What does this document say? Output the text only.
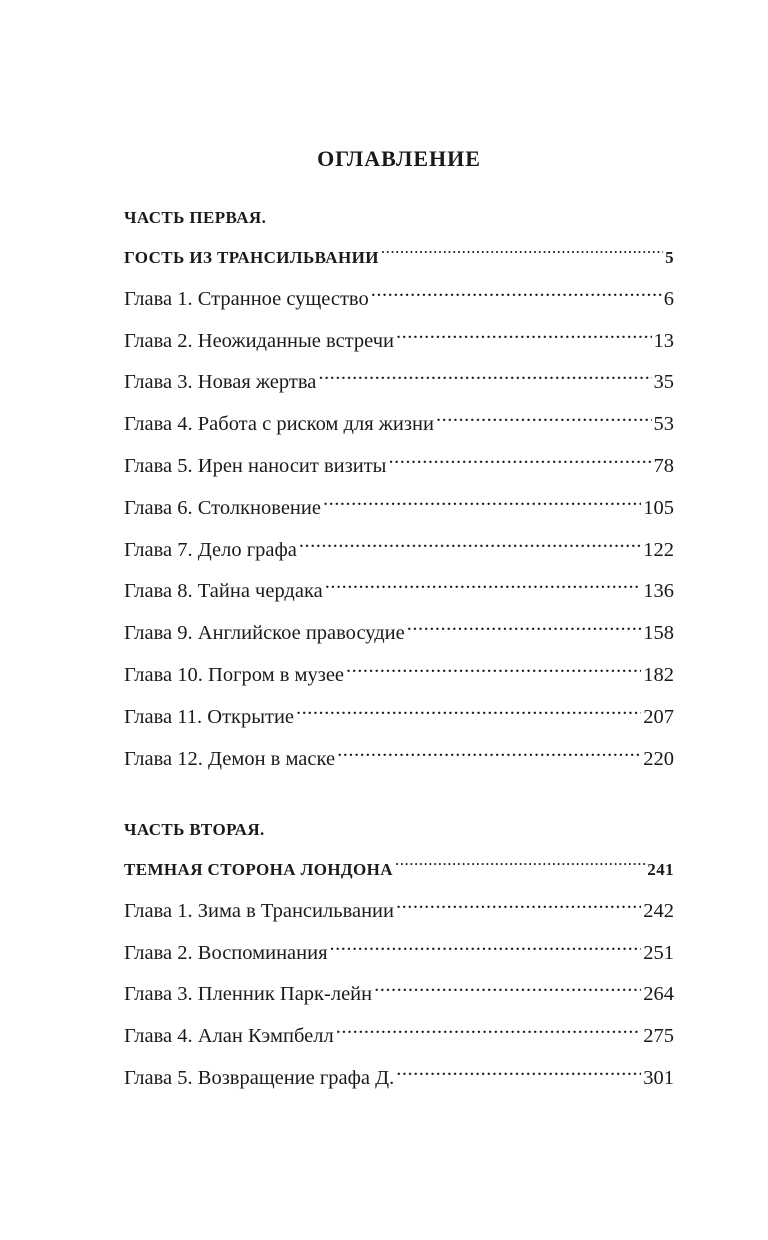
ОГЛАВЛЕНИЕ
ЧАСТЬ ПЕРВАЯ.
ГОСТЬ ИЗ ТРАНСИЛЬВАНИИ .....	5
Глава 1. Странное существо .....	6
Глава 2. Неожиданные встречи .....	13
Глава 3. Новая жертва .....	35
Глава 4. Работа с риском для жизни .....	53
Глава 5. Ирен наносит визиты .....	78
Глава 6. Столкновение .....	105
Глава 7. Дело графа .....	122
Глава 8. Тайна чердака .....	136
Глава 9. Английское правосудие .....	158
Глава 10. Погром в музее .....	182
Глава 11. Открытие .....	207
Глава 12. Демон в маске .....	220
ЧАСТЬ ВТОРАЯ.
ТЕМНАЯ СТОРОНА ЛОНДОНА .....	241
Глава 1. Зима в Трансильвании .....	242
Глава 2. Воспоминания .....	251
Глава 3. Пленник Парк-лейн .....	264
Глава 4. Алан Кэмпбелл .....	275
Глава 5. Возвращение графа Д. .....	301
